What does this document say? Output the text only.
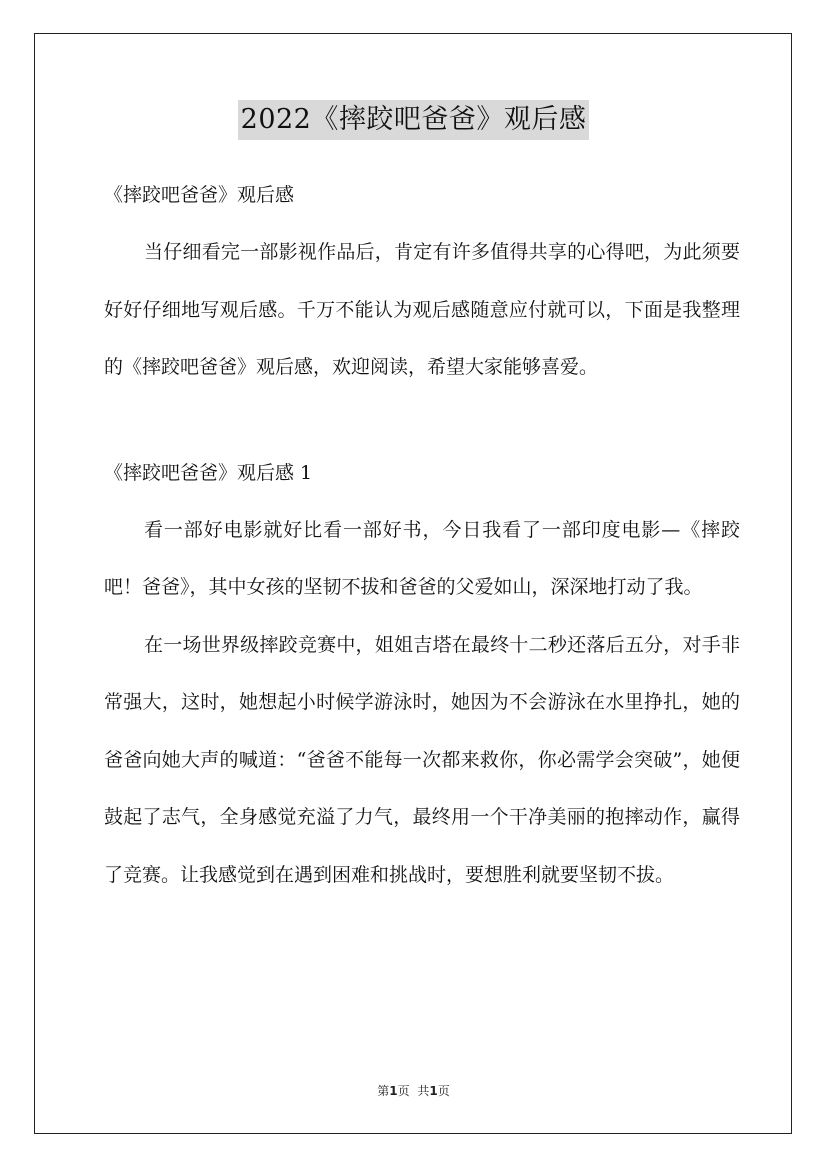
2022《摔跤吧爸爸》观后感

《摔跤吧爸爸》观后感

当仔细看完一部影视作品后，肯定有许多值得共享的心得吧，为此须要好好仔细地写观后感。千万不能认为观后感随意应付就可以，下面是我整理的《摔跤吧爸爸》观后感，欢迎阅读，希望大家能够喜爱。

《摔跤吧爸爸》观后感 1

看一部好电影就好比看一部好书，今日我看了一部印度电影—《摔跤吧！爸爸》，其中女孩的坚韧不拔和爸爸的父爱如山，深深地打动了我。

在一场世界级摔跤竞赛中，姐姐吉塔在最终十二秒还落后五分，对手非常强大，这时，她想起小时候学游泳时，她因为不会游泳在水里挣扎，她的爸爸向她大声的喊道：“爸爸不能每一次都来救你，你必需学会突破”，她便鼓起了志气，全身感觉充溢了力气，最终用一个干净美丽的抱摔动作，赢得了竞赛。让我感觉到在遇到困难和挑战时，要想胜利就要坚韧不拔。

第1页 共1页
